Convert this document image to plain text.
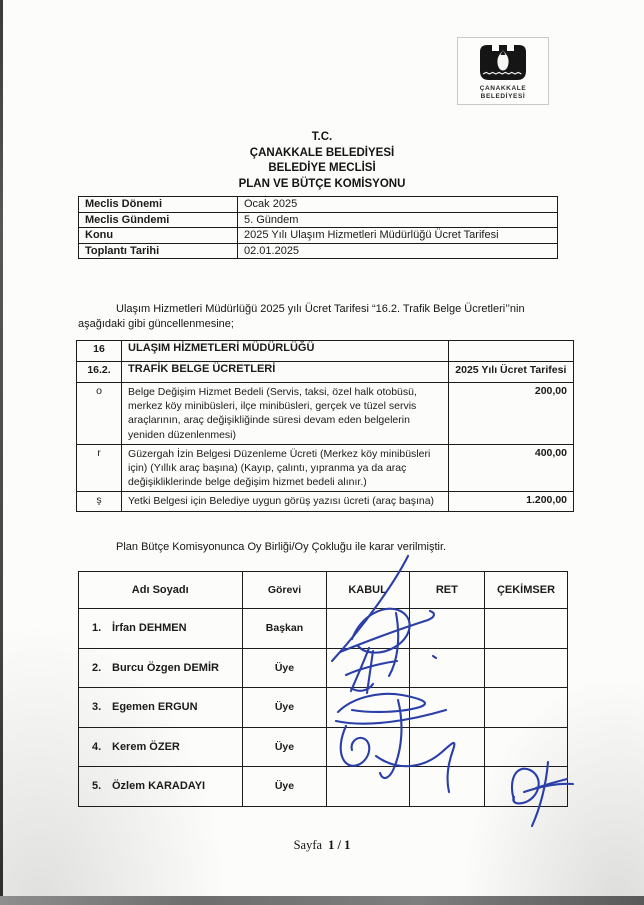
ÇANAKKALE
BELEDİYESİ
T.C.
ÇANAKKALE BELEDİYESİ
BELEDİYE MECLİSİ
PLAN VE BÜTÇE KOMİSYONU
Meclis Dönemi	Ocak 2025
Meclis Gündemi	5. Gündem
Konu	2025 Yılı Ulaşım Hizmetleri Müdürlüğü Ücret Tarifesi
Toplantı Tarihi	02.01.2025

Ulaşım Hizmetleri Müdürlüğü 2025 yılı Ücret Tarifesi “16.2. Trafik Belge Ücretleri’’nin aşağıdaki gibi güncellenmesine;

16	ULAŞIM HİZMETLERİ MÜDÜRLÜĞÜ	
16.2.	TRAFİK BELGE ÜCRETLERİ	2025 Yılı Ücret Tarifesi
o	Belge Değişim Hizmet Bedeli (Servis, taksi, özel halk otobüsü, merkez köy minibüsleri, ilçe minibüsleri, gerçek ve tüzel servis araçlarının, araç değişikliğinde süresi devam eden belgelerin yeniden düzenlenmesi)	200,00
r	Güzergah İzin Belgesi Düzenleme Ücreti (Merkez köy minibüsleri için) (Yıllık araç başına) (Kayıp, çalıntı, yıpranma ya da araç değişikliklerinde belge değişim hizmet bedeli alınır.)	400,00
ş	Yetki Belgesi için Belediye uygun görüş yazısı ücreti (araç başına)	1.200,00

Plan Bütçe Komisyonunca Oy Birliği/Oy Çokluğu ile karar verilmiştir.

Adı Soyadı	Görevi	KABUL	RET	ÇEKİMSER
1. İrfan DEHMEN	Başkan			
2. Burcu Özgen DEMİR	Üye			
3. Egemen ERGUN	Üye			
4. Kerem ÖZER	Üye			
5. Özlem KARADAYI	Üye			
Sayfa 1 / 1
